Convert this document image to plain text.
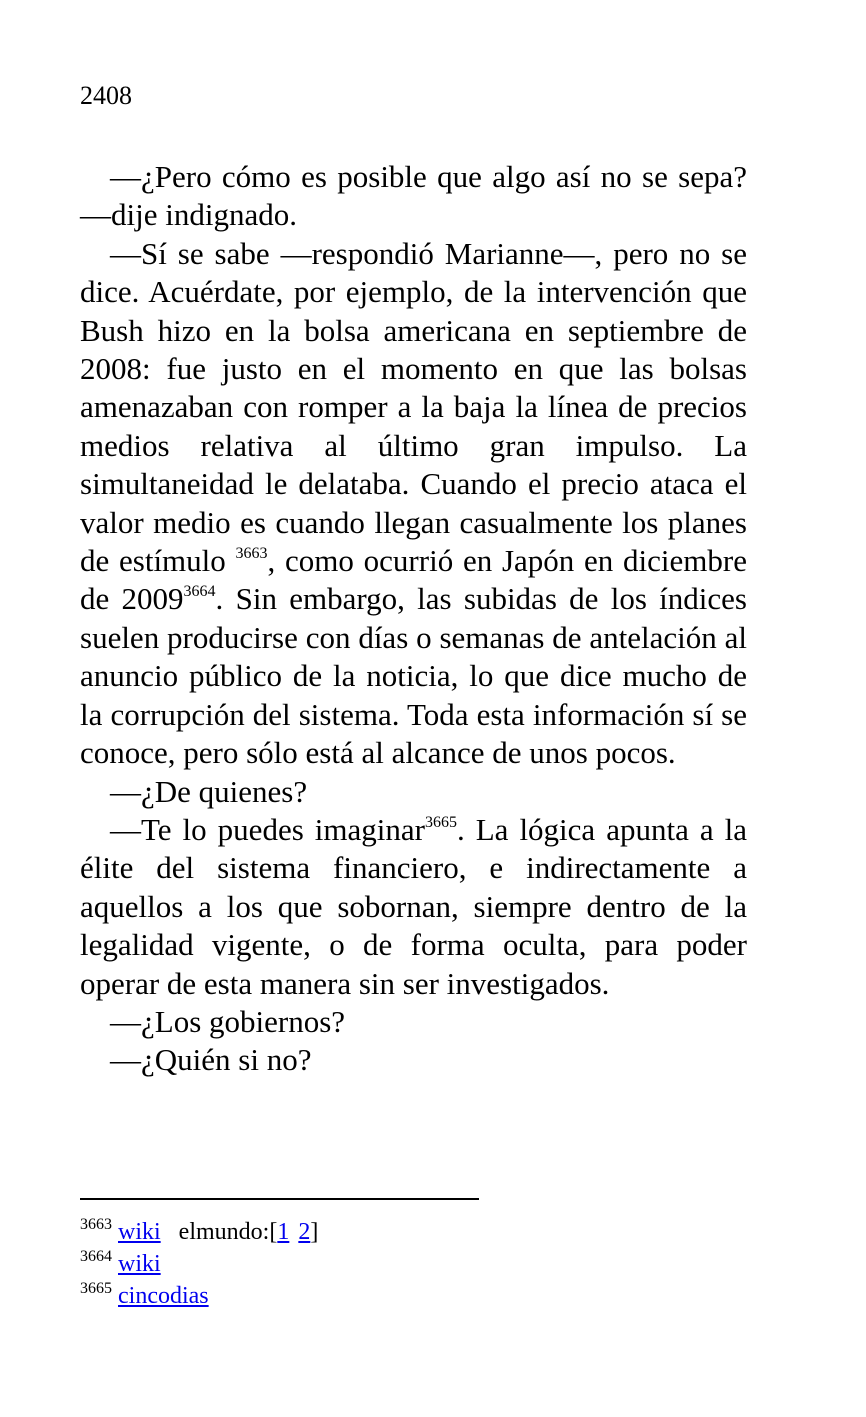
2408

—¿Pero cómo es posible que algo así no se sepa? —dije indignado.

—Sí se sabe —respondió Marianne—, pero no se dice. Acuérdate, por ejemplo, de la intervención que Bush hizo en la bolsa americana en septiembre de 2008: fue justo en el momento en que las bolsas amenazaban con romper a la baja la línea de precios medios relativa al último gran impulso. La simultaneidad le delataba. Cuando el precio ataca el valor medio es cuando llegan casualmente los planes de estímulo $^{3663}$, como ocurrió en Japón en diciembre de $2009^{3664}$. Sin embargo, las subidas de los índices suelen producirse con días o semanas de antelación al anuncio público de la noticia, lo que dice mucho de la corrupción del sistema. Toda esta información sí se conoce, pero sólo está al alcance de unos pocos.

—¿De quienes?

—Te lo puedes imaginar$^{3665}$. La lógica apunta a la élite del sistema financiero, e indirectamente a aquellos a los que sobornan, siempre dentro de la legalidad vigente, o de forma oculta, para poder operar de esta manera sin ser investigados.

—¿Los gobiernos?

—¿Quién si no?

$^{3663}$ wiki elmundo:[1 2]
$^{3664}$ wiki
$^{3665}$ cincodias
